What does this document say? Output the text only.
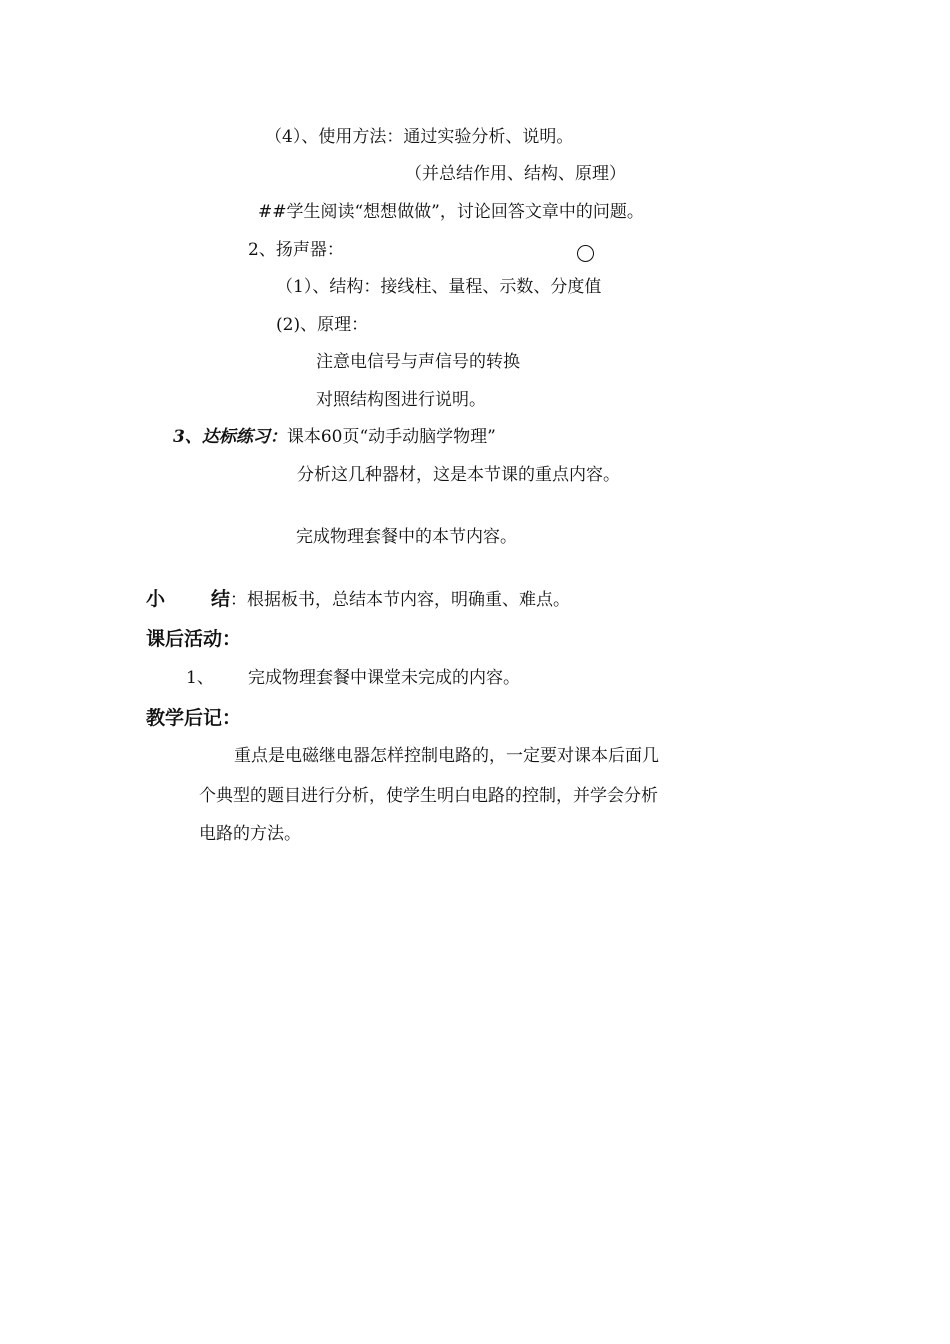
（4）、使用方法：通过实验分析、说明。
（并总结作用、结构、原理）
##学生阅读“想想做做”，讨论回答文章中的问题。
2、扬声器：
（1）、结构：接线柱、量程、示数、分度值
(2)、原理：
注意电信号与声信号的转换
对照结构图进行说明。
3、达标练习：课本60页“动手动脑学物理”
分析这几种器材，这是本节课的重点内容。
完成物理套餐中的本节内容。
小 结：根据板书，总结本节内容，明确重、难点。
课后活动：
1、 完成物理套餐中课堂未完成的内容。
教学后记：
重点是电磁继电器怎样控制电路的，一定要对课本后面几
个典型的题目进行分析，使学生明白电路的控制，并学会分析
电路的方法。
